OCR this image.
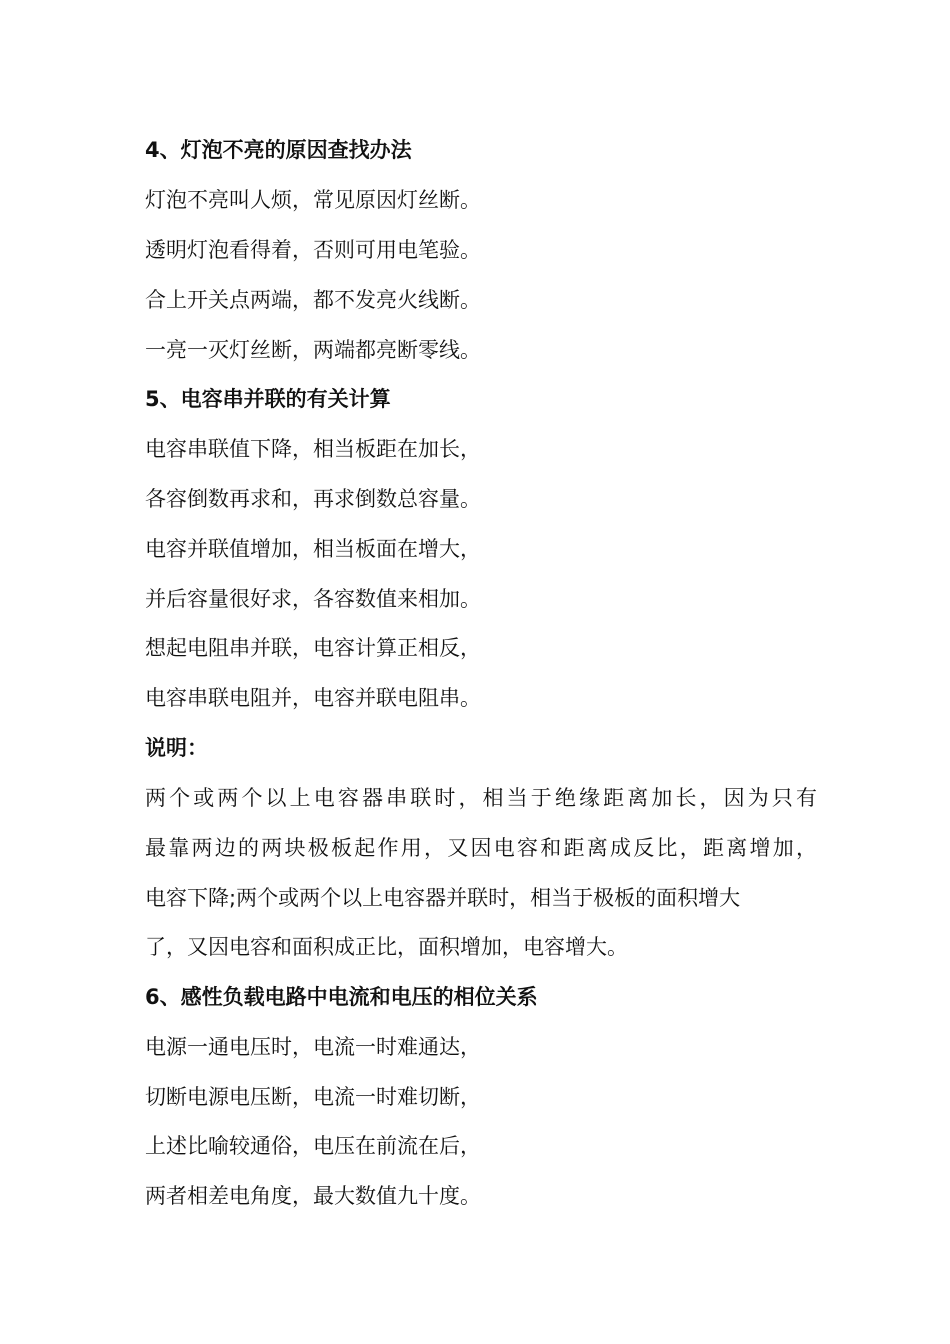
4、灯泡不亮的原因查找办法

灯泡不亮叫人烦，常见原因灯丝断。

透明灯泡看得着，否则可用电笔验。

合上开关点两端，都不发亮火线断。

一亮一灭灯丝断，两端都亮断零线。

5、电容串并联的有关计算

电容串联值下降，相当板距在加长，

各容倒数再求和，再求倒数总容量。

电容并联值增加，相当板面在增大，

并后容量很好求，各容数值来相加。

想起电阻串并联，电容计算正相反，

电容串联电阻并，电容并联电阻串。

说明：

两个或两个以上电容器串联时，相当于绝缘距离加长，因为只有

最靠两边的两块极板起作用，又因电容和距离成反比，距离增加，

电容下降;两个或两个以上电容器并联时，相当于极板的面积增大

了，又因电容和面积成正比，面积增加，电容增大。

6、感性负载电路中电流和电压的相位关系

电源一通电压时，电流一时难通达，

切断电源电压断，电流一时难切断，

上述比喻较通俗，电压在前流在后，

两者相差电角度，最大数值九十度。
